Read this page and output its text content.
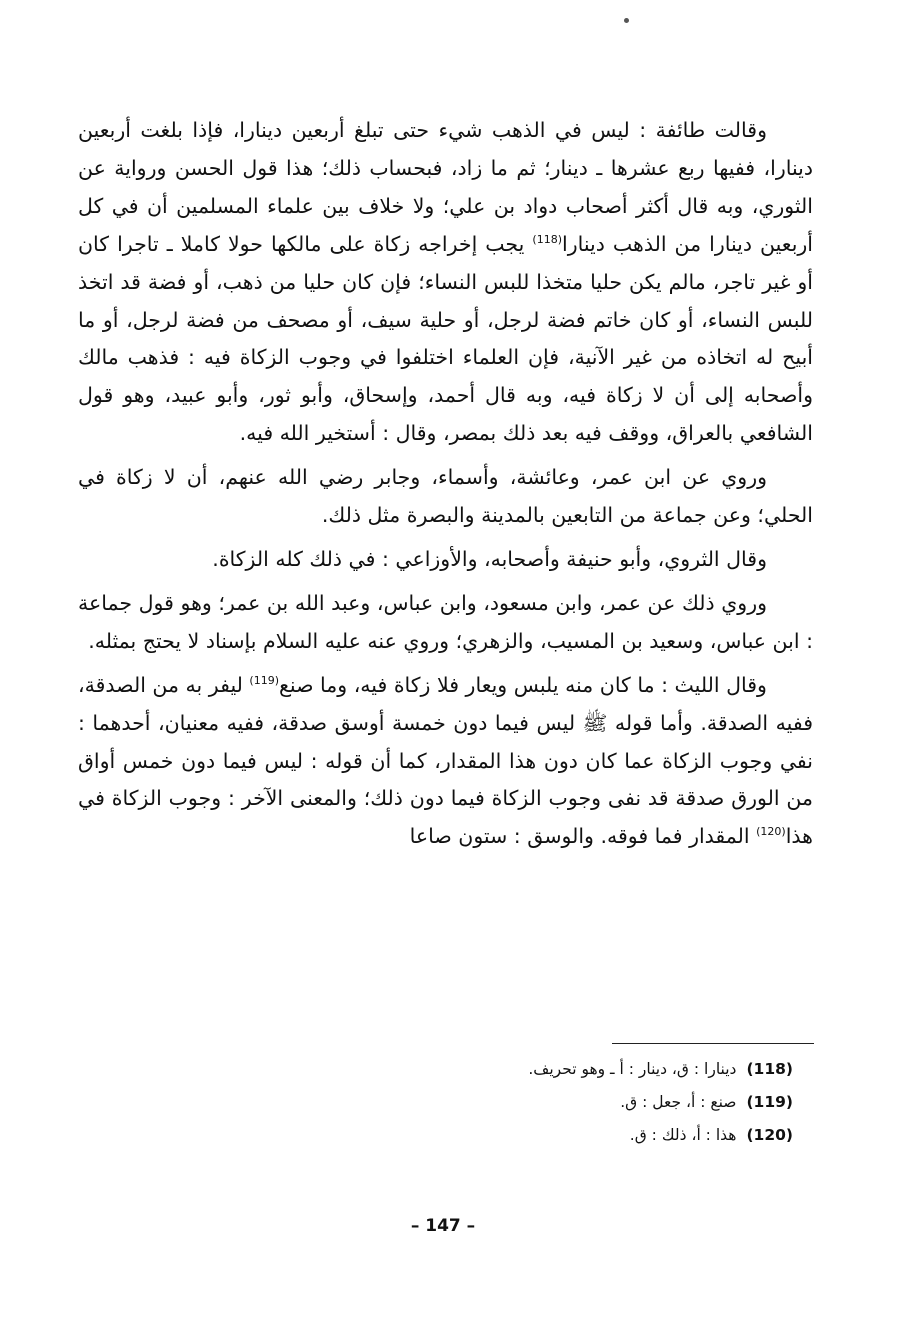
وقالت طائفة : ليس في الذهب شيء حتى تبلغ أربعين دينارا، فإذا بلغت أربعين دينارا، ففيها ربع عشرها ـ دينار؛ ثم ما زاد، فبحساب ذلك؛ هذا قول الحسن ورواية عن الثوري، وبه قال أكثر أصحاب دواد بن علي؛ ولا خلاف بين علماء المسلمين أن في كل أربعين دينارا من الذهب دينارا$^{(118)}$ يجب إخراجه زكاة على مالكها حولا كاملا ـ تاجرا كان أو غير تاجر، مالم يكن حليا متخذا للبس النساء؛ فإن كان حليا من ذهب، أو فضة قد اتخذ للبس النساء، أو كان خاتم فضة لرجل، أو حلية سيف، أو مصحف من فضة لرجل، أو ما أبيح له اتخاذه من غير الآنية، فإن العلماء اختلفوا في وجوب الزكاة فيه : فذهب مالك وأصحابه إلى أن لا زكاة فيه، وبه قال أحمد، وإسحاق، وأبو ثور، وأبو عبيد، وهو قول الشافعي بالعراق، ووقف فيه بعد ذلك بمصر، وقال : أستخير الله فيه.

وروي عن ابن عمر، وعائشة، وأسماء، وجابر رضي الله عنهم، أن لا زكاة في الحلي؛ وعن جماعة من التابعين بالمدينة والبصرة مثل ذلك.

وقال الثروي، وأبو حنيفة وأصحابه، والأوزاعي : في ذلك كله الزكاة.

وروي ذلك عن عمر، وابن مسعود، وابن عباس، وعبد الله بن عمر؛ وهو قول جماعة : ابن عباس، وسعيد بن المسيب، والزهري؛ وروي عنه عليه السلام بإسناد لا يحتج بمثله.

وقال الليث : ما كان منه يلبس ويعار فلا زكاة فيه، وما صنع$^{(119)}$ ليفر به من الصدقة، ففيه الصدقة. وأما قوله ﷺ ليس فيما دون خمسة أوسق صدقة، ففيه معنيان، أحدهما : نفي وجوب الزكاة عما كان دون هذا المقدار، كما أن قوله : ليس فيما دون خمس أواق من الورق صدقة قد نفى وجوب الزكاة فيما دون ذلك؛ والمعنى الآخر : وجوب الزكاة في هذا$^{(120)}$ المقدار فما فوقه. والوسق : ستون صاعا

(118)دينارا : ق، دينار : أ ـ وهو تحريف.
(119)صنع : أ، جعل : ق.
(120)هذا : أ، ذلك : ق.
– 147 –
